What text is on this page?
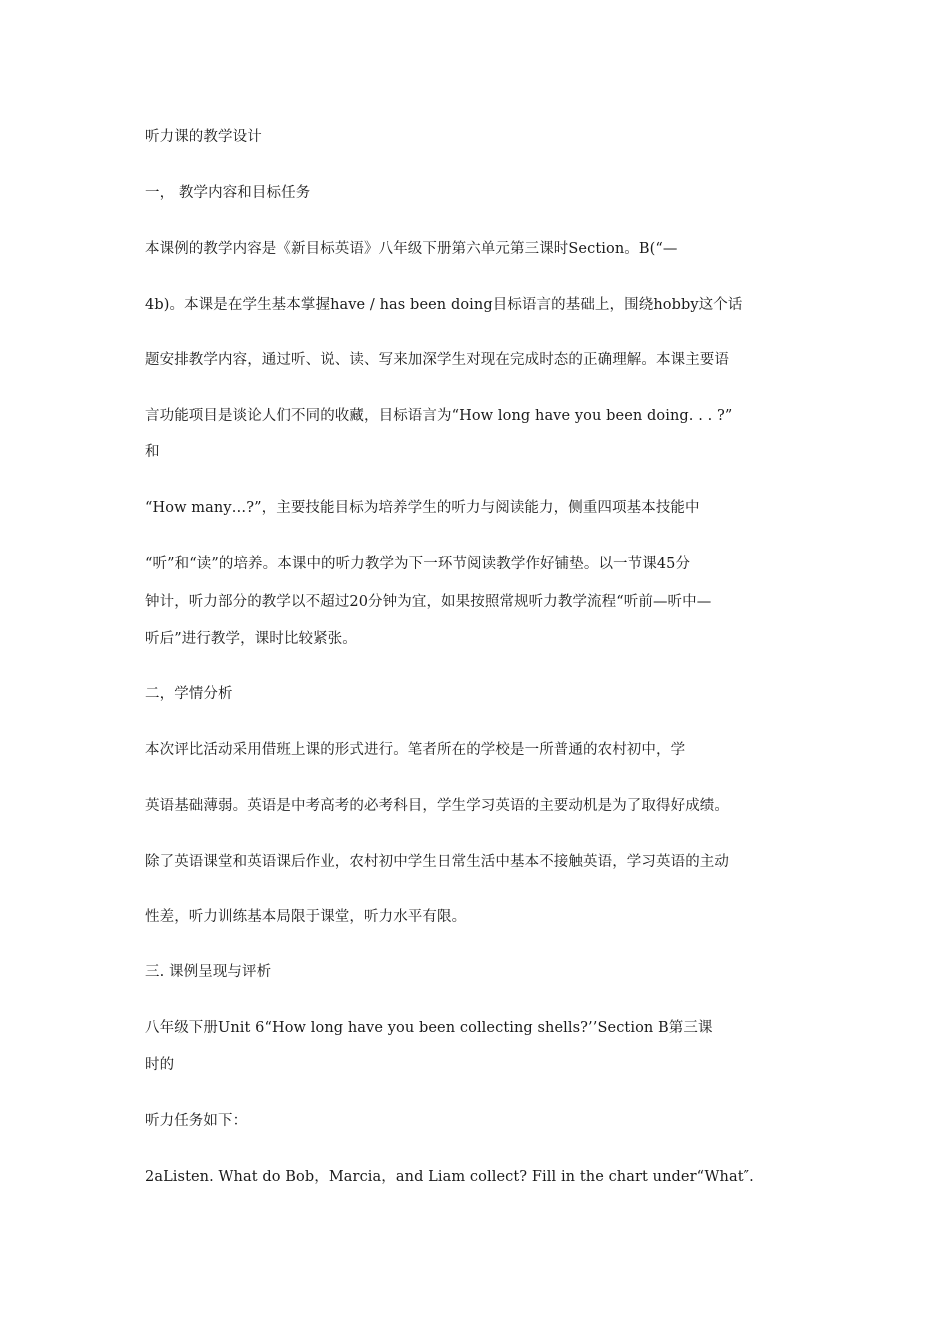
听力课的教学设计
一， 教学内容和目标任务
本课例的教学内容是《新目标英语》八年级下册第六单元第三课时Section。B(“—
4b)。本课是在学生基本掌握have / has been doing目标语言的基础上，围绕hobby这个话
题安排教学内容，通过听、说、读、写来加深学生对现在完成时态的正确理解。本课主要语
言功能项目是谈论人们不同的收藏，目标语言为“How long have you been doing. . . ?”
和
“How many…?”，主要技能目标为培养学生的听力与阅读能力，侧重四项基本技能中
“听”和“读”的培养。本课中的听力教学为下一环节阅读教学作好铺垫。以一节课45分
钟计，听力部分的教学以不超过20分钟为宜，如果按照常规听力教学流程“听前—听中—
听后”进行教学，课时比较紧张。
二，学情分析
本次评比活动采用借班上课的形式进行。笔者所在的学校是一所普通的农村初中，学
英语基础薄弱。英语是中考高考的必考科目，学生学习英语的主要动机是为了取得好成绩。
除了英语课堂和英语课后作业，农村初中学生日常生活中基本不接触英语，学习英语的主动
性差，听力训练基本局限于课堂，听力水平有限。
三. 课例呈现与评析
八年级下册Unit 6“How long have you been collecting shells?’’Section B第三课
时的
听力任务如下：
2aListen. What do Bob，Marcia，and Liam collect? Fill in the chart under“What″.
